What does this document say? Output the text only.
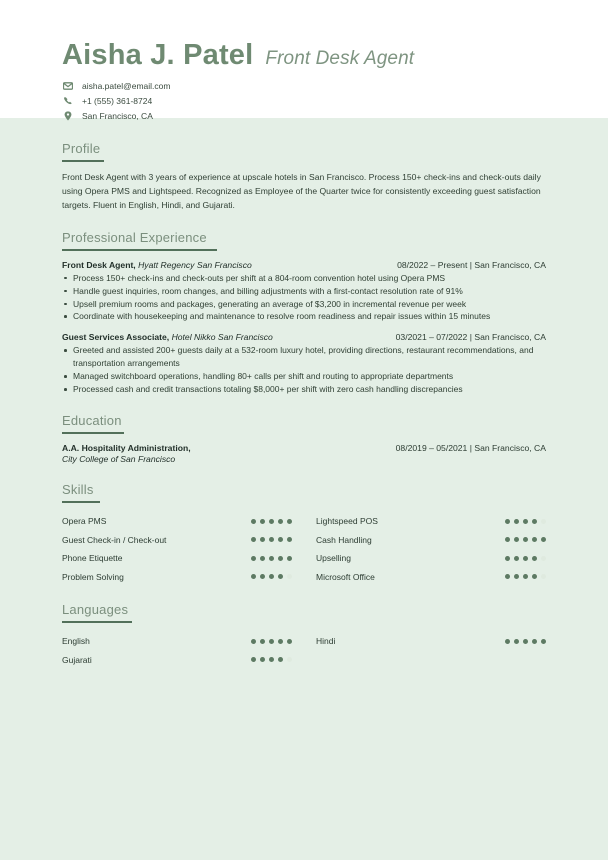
Aisha J. Patel Front Desk Agent
aisha.patel@email.com
+1 (555) 361-8724
San Francisco, CA
Profile

Front Desk Agent with 3 years of experience at upscale hotels in San Francisco. Process 150+ check-ins and check-outs daily using Opera PMS and Lightspeed. Recognized as Employee of the Quarter twice for consistently exceeding guest satisfaction targets. Fluent in English, Hindi, and Gujarati.

Professional Experience
Front Desk Agent, Hyatt Regency San Francisco	08/2022 – Present | San Francisco, CA
Process 150+ check-ins and check-outs per shift at a 804-room convention hotel using Opera PMS
Handle guest inquiries, room changes, and billing adjustments with a first-contact resolution rate of 91%
Upsell premium rooms and packages, generating an average of $3,200 in incremental revenue per week
Coordinate with housekeeping and maintenance to resolve room readiness and repair issues within 15 minutes
Guest Services Associate, Hotel Nikko San Francisco	03/2021 – 07/2022 | San Francisco, CA
Greeted and assisted 200+ guests daily at a 532-room luxury hotel, providing directions, restaurant recommendations, and transportation arrangements
Managed switchboard operations, handling 80+ calls per shift and routing to appropriate departments
Processed cash and credit transactions totaling $8,000+ per shift with zero cash handling discrepancies
Education
A.A. Hospitality Administration,	08/2019 – 05/2021 | San Francisco, CA
City College of San Francisco
Skills
Opera PMS	Lightspeed POS
Guest Check-in / Check-out	Cash Handling
Phone Etiquette	Upselling
Problem Solving	Microsoft Office
Languages
English	Hindi
Gujarati
